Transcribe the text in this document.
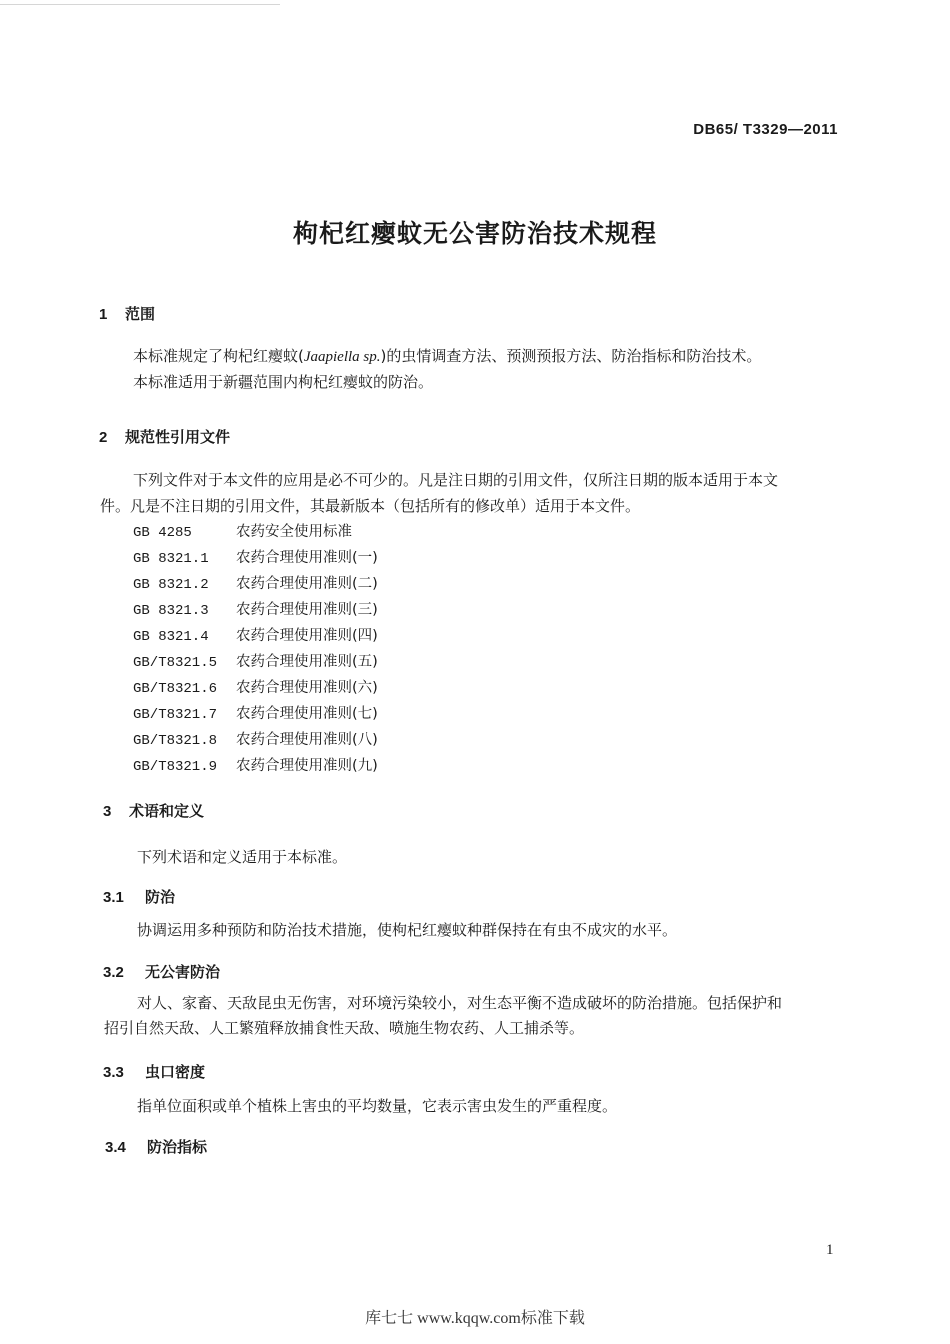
DB65/ T3329—2011
枸杞红瘿蚊无公害防治技术规程
1 范围
本标准规定了枸杞红瘿蚊(Jaapiella sp.)的虫情调查方法、预测预报方法、防治指标和防治技术。
本标准适用于新疆范围内枸杞红瘿蚊的防治。
2 规范性引用文件
下列文件对于本文件的应用是必不可少的。凡是注日期的引用文件，仅所注日期的版本适用于本文
件。凡是不注日期的引用文件，其最新版本（包括所有的修改单）适用于本文件。
GB 4285	农药安全使用标准
GB 8321.1 农药合理使用准则(一)
GB 8321.2 农药合理使用准则(二)
GB 8321.3 农药合理使用准则(三)
GB 8321.4 农药合理使用准则(四)
GB/T8321.5 农药合理使用准则(五)
GB/T8321.6 农药合理使用准则(六)
GB/T8321.7 农药合理使用准则(七)
GB/T8321.8 农药合理使用准则(八)
GB/T8321.9 农药合理使用准则(九)
3 术语和定义
下列术语和定义适用于本标准。
3.1 防治
协调运用多种预防和防治技术措施，使枸杞红瘿蚊种群保持在有虫不成灾的水平。
3.2 无公害防治
对人、家畜、天敌昆虫无伤害，对环境污染较小，对生态平衡不造成破坏的防治措施。包括保护和
招引自然天敌、人工繁殖释放捕食性天敌、喷施生物农药、人工捕杀等。
3.3 虫口密度
指单位面积或单个植株上害虫的平均数量，它表示害虫发生的严重程度。
3.4 防治指标
1
库七七 www.kqqw.com标准下载
